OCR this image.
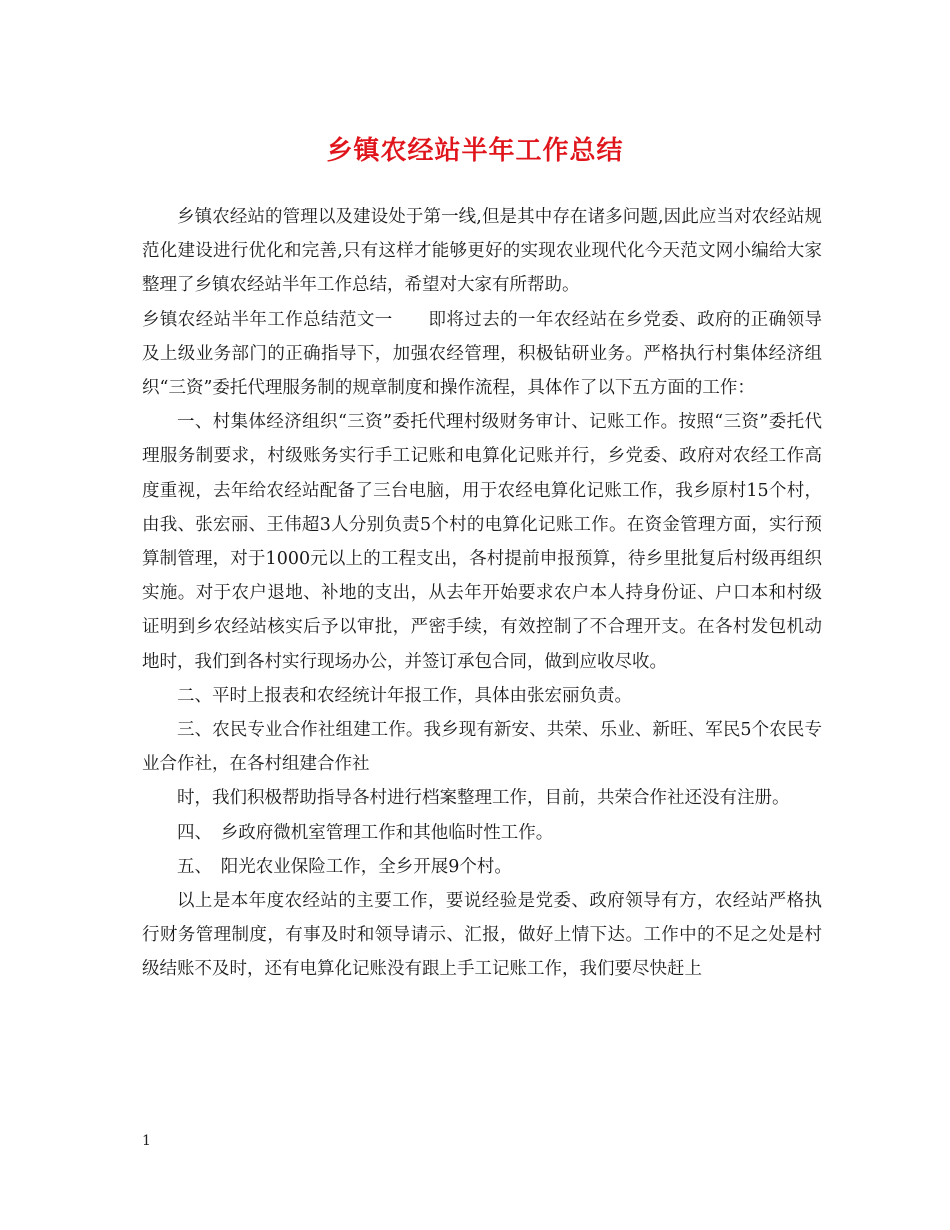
乡镇农经站半年工作总结

乡镇农经站的管理以及建设处于第一线,但是其中存在诸多问题,因此应当对农经站规范化建设进行优化和完善,只有这样才能够更好的实现农业现代化今天范文网小编给大家整理了乡镇农经站半年工作总结，希望对大家有所帮助。

乡镇农经站半年工作总结范文一　　即将过去的一年农经站在乡党委、政府的正确领导及上级业务部门的正确指导下，加强农经管理，积极钻研业务。严格执行村集体经济组织“三资”委托代理服务制的规章制度和操作流程，具体作了以下五方面的工作：

一、村集体经济组织“三资”委托代理村级财务审计、记账工作。按照“三资”委托代理服务制要求，村级账务实行手工记账和电算化记账并行，乡党委、政府对农经工作高度重视，去年给农经站配备了三台电脑，用于农经电算化记账工作，我乡原村15个村，由我、张宏丽、王伟超3人分别负责5个村的电算化记账工作。在资金管理方面，实行预算制管理，对于1000元以上的工程支出，各村提前申报预算，待乡里批复后村级再组织实施。对于农户退地、补地的支出，从去年开始要求农户本人持身份证、户口本和村级证明到乡农经站核实后予以审批，严密手续，有效控制了不合理开支。在各村发包机动地时，我们到各村实行现场办公，并签订承包合同，做到应收尽收。

二、平时上报表和农经统计年报工作，具体由张宏丽负责。

三、农民专业合作社组建工作。我乡现有新安、共荣、乐业、新旺、军民5个农民专业合作社，在各村组建合作社

时，我们积极帮助指导各村进行档案整理工作，目前，共荣合作社还没有注册。

四、　乡政府微机室管理工作和其他临时性工作。

五、　阳光农业保险工作，全乡开展9个村。

以上是本年度农经站的主要工作，要说经验是党委、政府领导有方，农经站严格执行财务管理制度，有事及时和领导请示、汇报，做好上情下达。工作中的不足之处是村级结账不及时，还有电算化记账没有跟上手工记账工作，我们要尽快赶上

1
